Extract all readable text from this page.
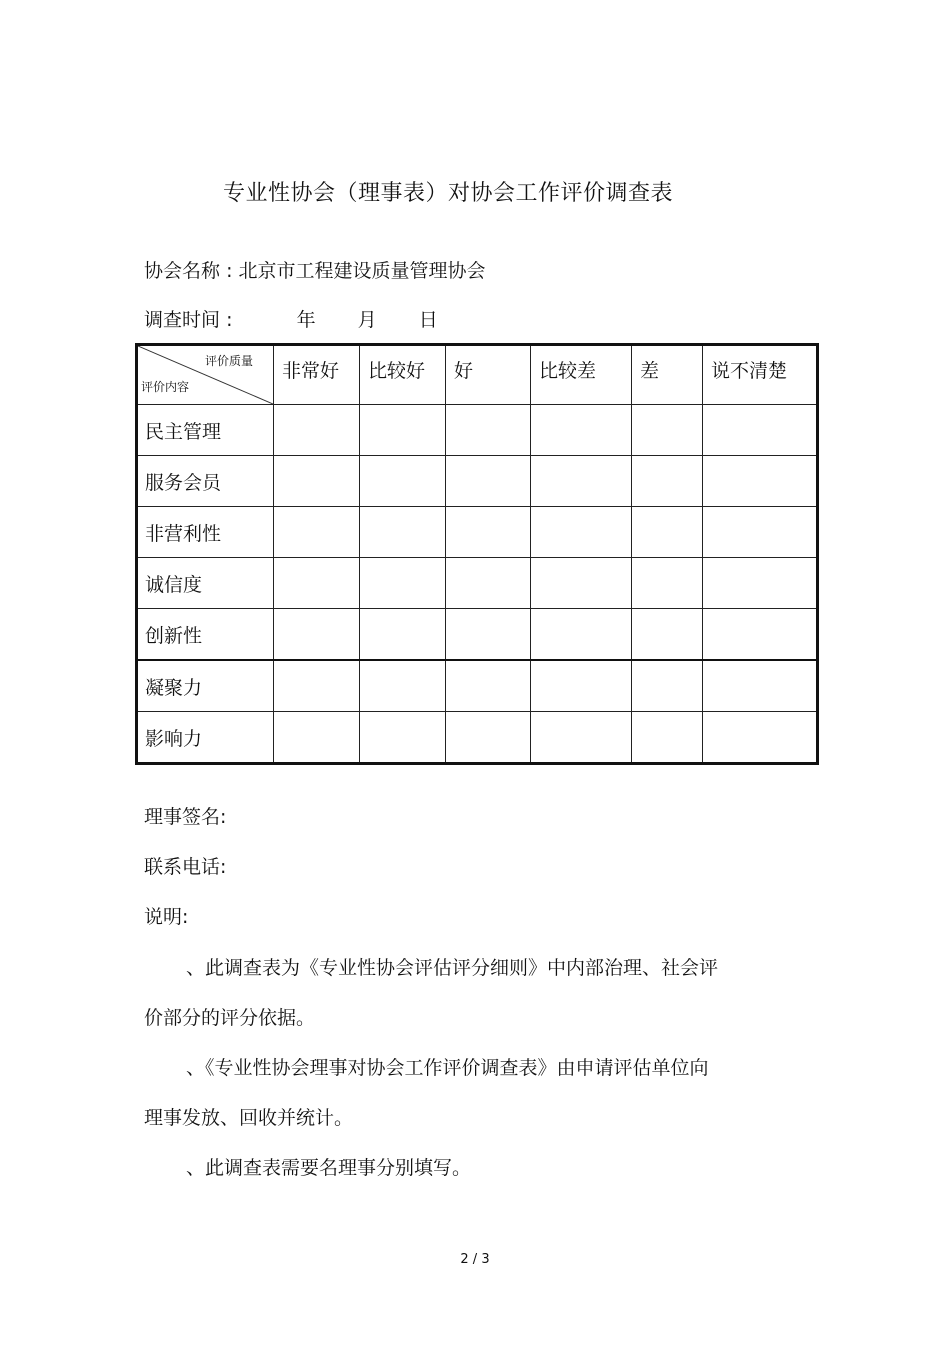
专业性协会（理事表）对协会工作评价调查表
协会名称 : 北京市工程建设质量管理协会
调查时间 :	年 月 日
评价质量
评价内容	非常好	比较好	好	比较差	差	说不清楚
民主管理						
服务会员						
非营利性						
诚信度						
创新性						
凝聚力						
影响力						
理事签名:
联系电话:
说明:
、此调查表为《专业性协会评估评分细则》中内部治理、社会评
价部分的评分依据。
、《专业性协会理事对协会工作评价调查表》由申请评估单位向
理事发放、回收并统计。
、此调查表需要名理事分别填写。
2 / 3
